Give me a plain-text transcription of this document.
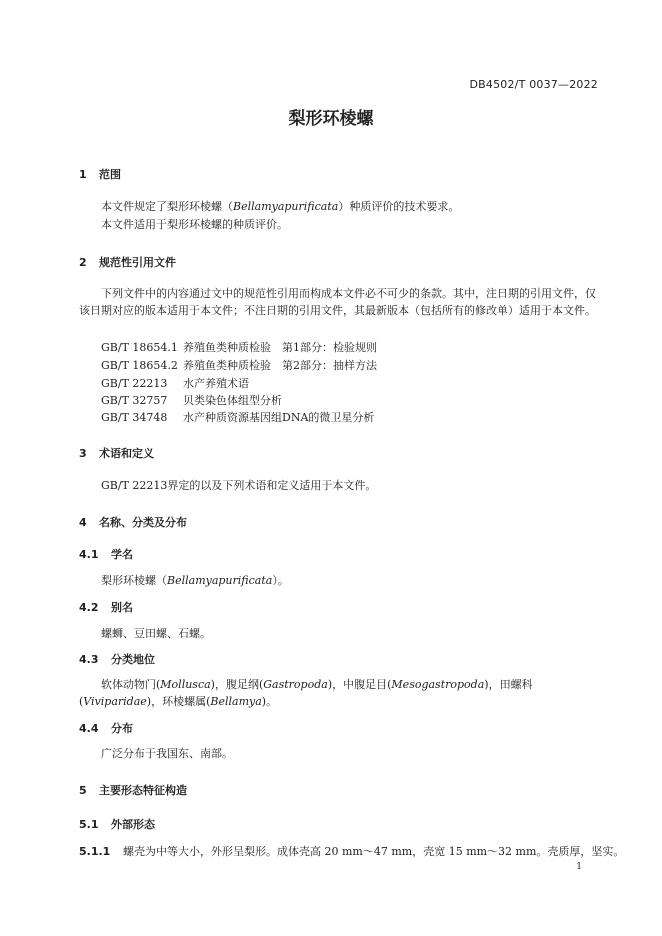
DB4502/T 0037—2022
梨形环棱螺
1 范围
本文件规定了梨形环棱螺（Bellamyapurificata）种质评价的技术要求。
本文件适用于梨形环棱螺的种质评价。
2 规范性引用文件
下列文件中的内容通过文中的规范性引用而构成本文件必不可少的条款。其中，注日期的引用文件，仅该日期对应的版本适用于本文件；不注日期的引用文件，其最新版本（包括所有的修改单）适用于本文件。
GB/T 18654.1 养殖鱼类种质检验　第1部分：检验规则
GB/T 18654.2 养殖鱼类种质检验　第2部分：抽样方法
GB/T 22213 水产养殖术语
GB/T 32757 贝类染色体组型分析
GB/T 34748 水产种质资源基因组DNA的微卫星分析
3 术语和定义
GB/T 22213界定的以及下列术语和定义适用于本文件。
4 名称、分类及分布
4.1 学名
梨形环棱螺（Bellamyapurificata）。
4.2 别名
螺蛳、豆田螺、石螺。
4.3 分类地位
软体动物门(Mollusca)，腹足纲(Gastropoda)，中腹足目(Mesogastropoda)，田螺科(Viviparidae)，环棱螺属(Bellamya)。
4.4 分布
广泛分布于我国东、南部。
5 主要形态特征构造
5.1 外部形态
5.1.1 螺壳为中等大小，外形呈梨形。成体壳高 20 mm～47 mm，壳宽 15 mm～32 mm。壳质厚，坚实。
1
